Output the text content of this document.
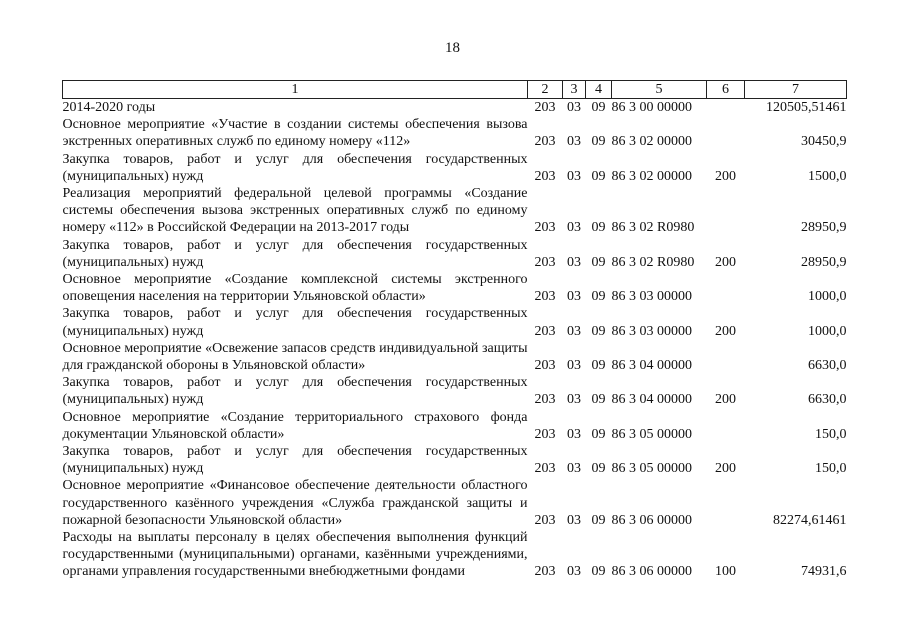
18
1	2	3	4	5	6	7
2014-2020 годы	203	03	09	86 3 00 00000		120505,51461
Основное мероприятие «Участие в создании системы обеспечения вызова экстренных оперативных служб по единому номеру «112»	203	03	09	86 3 02 00000		30450,9
Закупка товаров, работ и услуг для обеспечения государственных (муниципальных) нужд	203	03	09	86 3 02 00000	200	1500,0
Реализация мероприятий федеральной целевой программы «Создание системы обеспечения вызова экстренных оперативных служб по единому номеру «112» в Российской Федерации на 2013-2017 годы	203	03	09	86 3 02 R0980		28950,9
Закупка товаров, работ и услуг для обеспечения государственных (муниципальных) нужд	203	03	09	86 3 02 R0980	200	28950,9
Основное мероприятие «Создание комплексной системы экстренного оповещения населения на территории Ульяновской области»	203	03	09	86 3 03 00000		1000,0
Закупка товаров, работ и услуг для обеспечения государственных (муниципальных) нужд	203	03	09	86 3 03 00000	200	1000,0
Основное мероприятие «Освежение запасов средств индивидуальной защиты для гражданской обороны в Ульяновской области»	203	03	09	86 3 04 00000		6630,0
Закупка товаров, работ и услуг для обеспечения государственных (муниципальных) нужд	203	03	09	86 3 04 00000	200	6630,0
Основное мероприятие «Создание территориального страхового фонда документации Ульяновской области»	203	03	09	86 3 05 00000		150,0
Закупка товаров, работ и услуг для обеспечения государственных (муниципальных) нужд	203	03	09	86 3 05 00000	200	150,0
Основное мероприятие «Финансовое обеспечение деятельности областного государственного казённого учреждения «Служба гражданской защиты и пожарной безопасности Ульяновской области»	203	03	09	86 3 06 00000		82274,61461
Расходы на выплаты персоналу в целях обеспечения выполнения функций государственными (муниципальными) органами, казёнными учреждениями, органами управления государственными внебюджетными фондами	203	03	09	86 3 06 00000	100	74931,6
